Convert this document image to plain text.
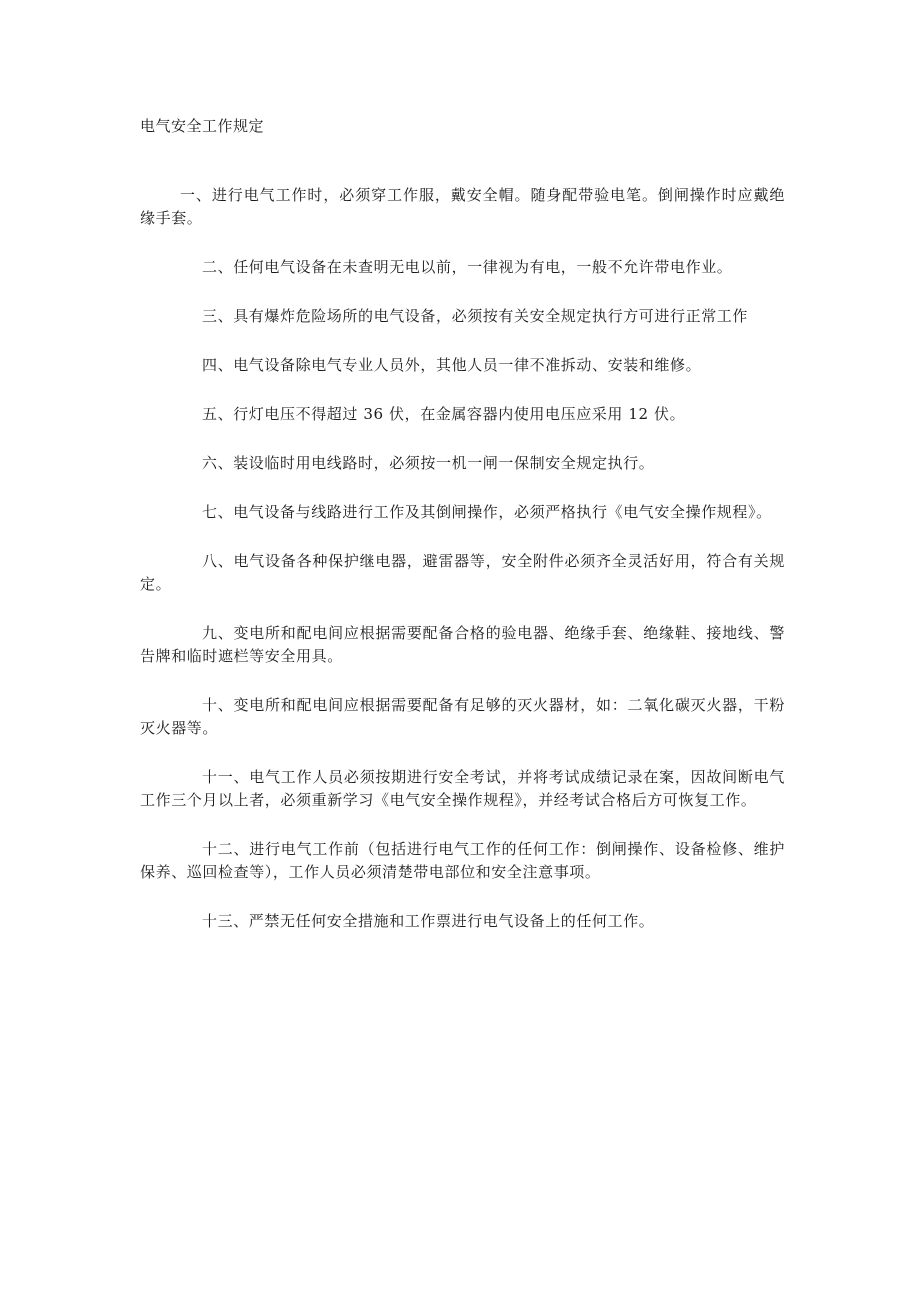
电气安全工作规定

一、进行电气工作时，必须穿工作服，戴安全帽。随身配带验电笔。倒闸操作时应戴绝缘手套。

二、任何电气设备在未查明无电以前，一律视为有电，一般不允许带电作业。

三、具有爆炸危险场所的电气设备，必须按有关安全规定执行方可进行正常工作

四、电气设备除电气专业人员外，其他人员一律不准拆动、安装和维修。

五、行灯电压不得超过 36 伏，在金属容器内使用电压应采用 12 伏。

六、装设临时用电线路时，必须按一机一闸一保制安全规定执行。

七、电气设备与线路进行工作及其倒闸操作，必须严格执行《电气安全操作规程》。

八、电气设备各种保护继电器，避雷器等，安全附件必须齐全灵活好用，符合有关规定。

九、变电所和配电间应根据需要配备合格的验电器、绝缘手套、绝缘鞋、接地线、警告牌和临时遮栏等安全用具。

十、变电所和配电间应根据需要配备有足够的灭火器材，如：二氧化碳灭火器，干粉灭火器等。

十一、电气工作人员必须按期进行安全考试，并将考试成绩记录在案，因故间断电气工作三个月以上者，必须重新学习《电气安全操作规程》，并经考试合格后方可恢复工作。

十二、进行电气工作前（包括进行电气工作的任何工作：倒闸操作、设备检修、维护保养、巡回检查等），工作人员必须清楚带电部位和安全注意事项。

十三、严禁无任何安全措施和工作票进行电气设备上的任何工作。
